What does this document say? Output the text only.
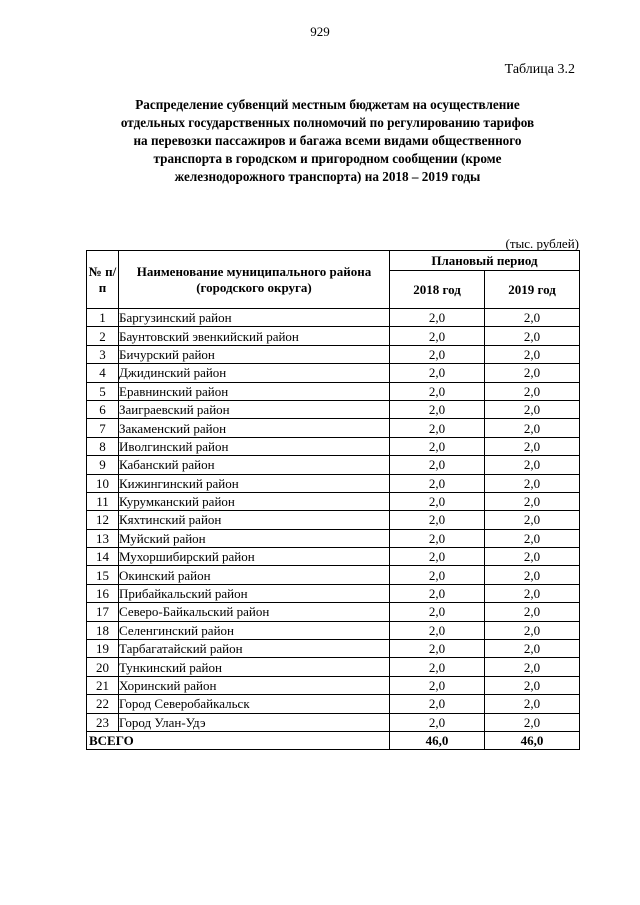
929
Таблица 3.2
Распределение субвенций местным бюджетам на осуществление
отдельных государственных полномочий по регулированию тарифов
на перевозки пассажиров и багажа всеми видами общественного
транспорта в городском и пригородном сообщении (кроме
железнодорожного транспорта) на 2018 – 2019 годы
(тыс. рублей)
№ п/п	Наименование муниципального района (городского округа)	Плановый период	
		2018 год	2019 год
1	Баргузинский район	2,0	2,0
2	Баунтовский эвенкийский район	2,0	2,0
3	Бичурский район	2,0	2,0
4	Джидинский район	2,0	2,0
5	Еравнинский район	2,0	2,0
6	Заиграевский район	2,0	2,0
7	Закаменский район	2,0	2,0
8	Иволгинский район	2,0	2,0
9	Кабанский район	2,0	2,0
10	Кижингинский район	2,0	2,0
11	Курумканский район	2,0	2,0
12	Кяхтинский район	2,0	2,0
13	Муйский район	2,0	2,0
14	Мухоршибирский район	2,0	2,0
15	Окинский район	2,0	2,0
16	Прибайкальский район	2,0	2,0
17	Северо-Байкальский район	2,0	2,0
18	Селенгинский район	2,0	2,0
19	Тарбагатайский район	2,0	2,0
20	Тункинский район	2,0	2,0
21	Хоринский район	2,0	2,0
22	Город Северобайкальск	2,0	2,0
23	Город Улан-Удэ	2,0	2,0
ВСЕГО		46,0	46,0
